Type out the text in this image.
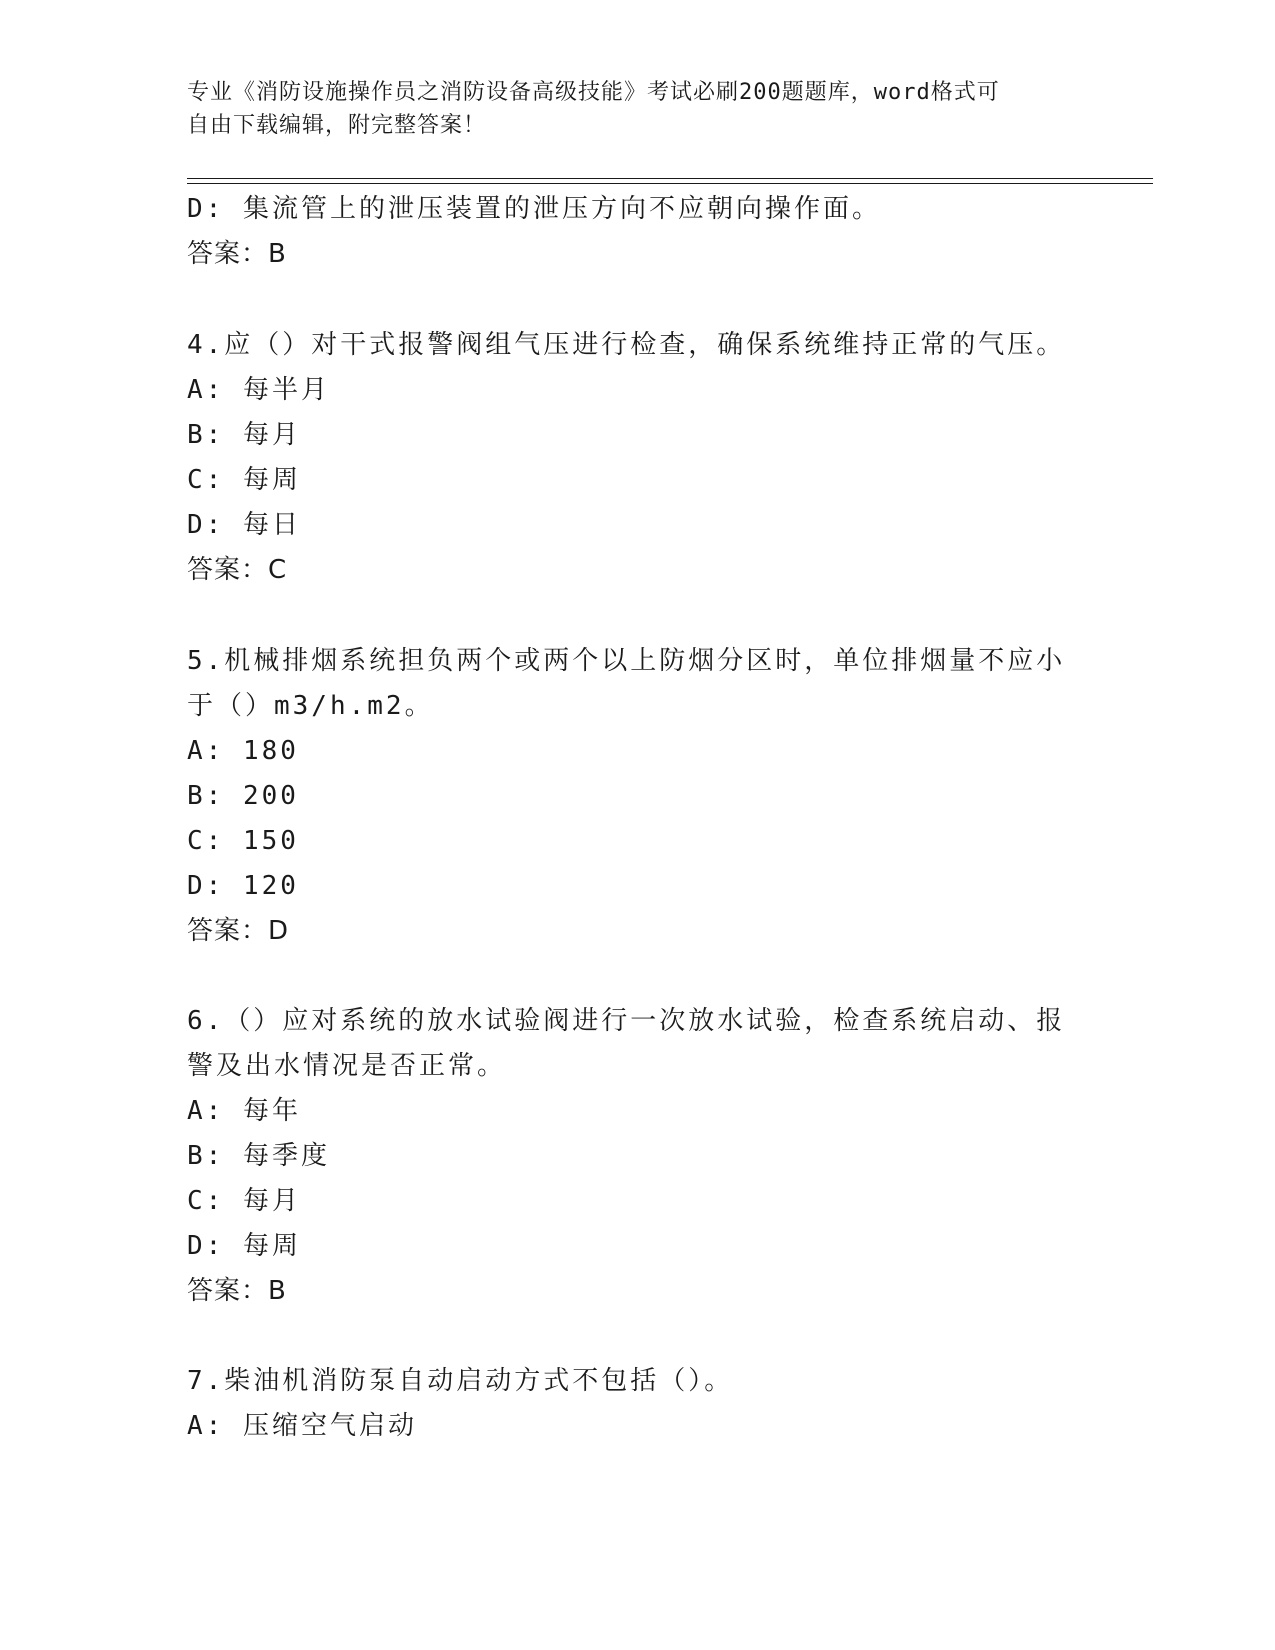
专业《消防设施操作员之消防设备高级技能》考试必刷200题题库，word格式可
自由下载编辑，附完整答案！
D: 集流管上的泄压装置的泄压方向不应朝向操作面。
答案：B
4.应（）对干式报警阀组气压进行检查，确保系统维持正常的气压。
A: 每半月
B: 每月
C: 每周
D: 每日
答案：C
5.机械排烟系统担负两个或两个以上防烟分区时，单位排烟量不应小
于（）m3/h.m2。
A: 180
B: 200
C: 150
D: 120
答案：D
6.（）应对系统的放水试验阀进行一次放水试验，检查系统启动、报
警及出水情况是否正常。
A: 每年
B: 每季度
C: 每月
D: 每周
答案：B
7.柴油机消防泵自动启动方式不包括（）。
A: 压缩空气启动
